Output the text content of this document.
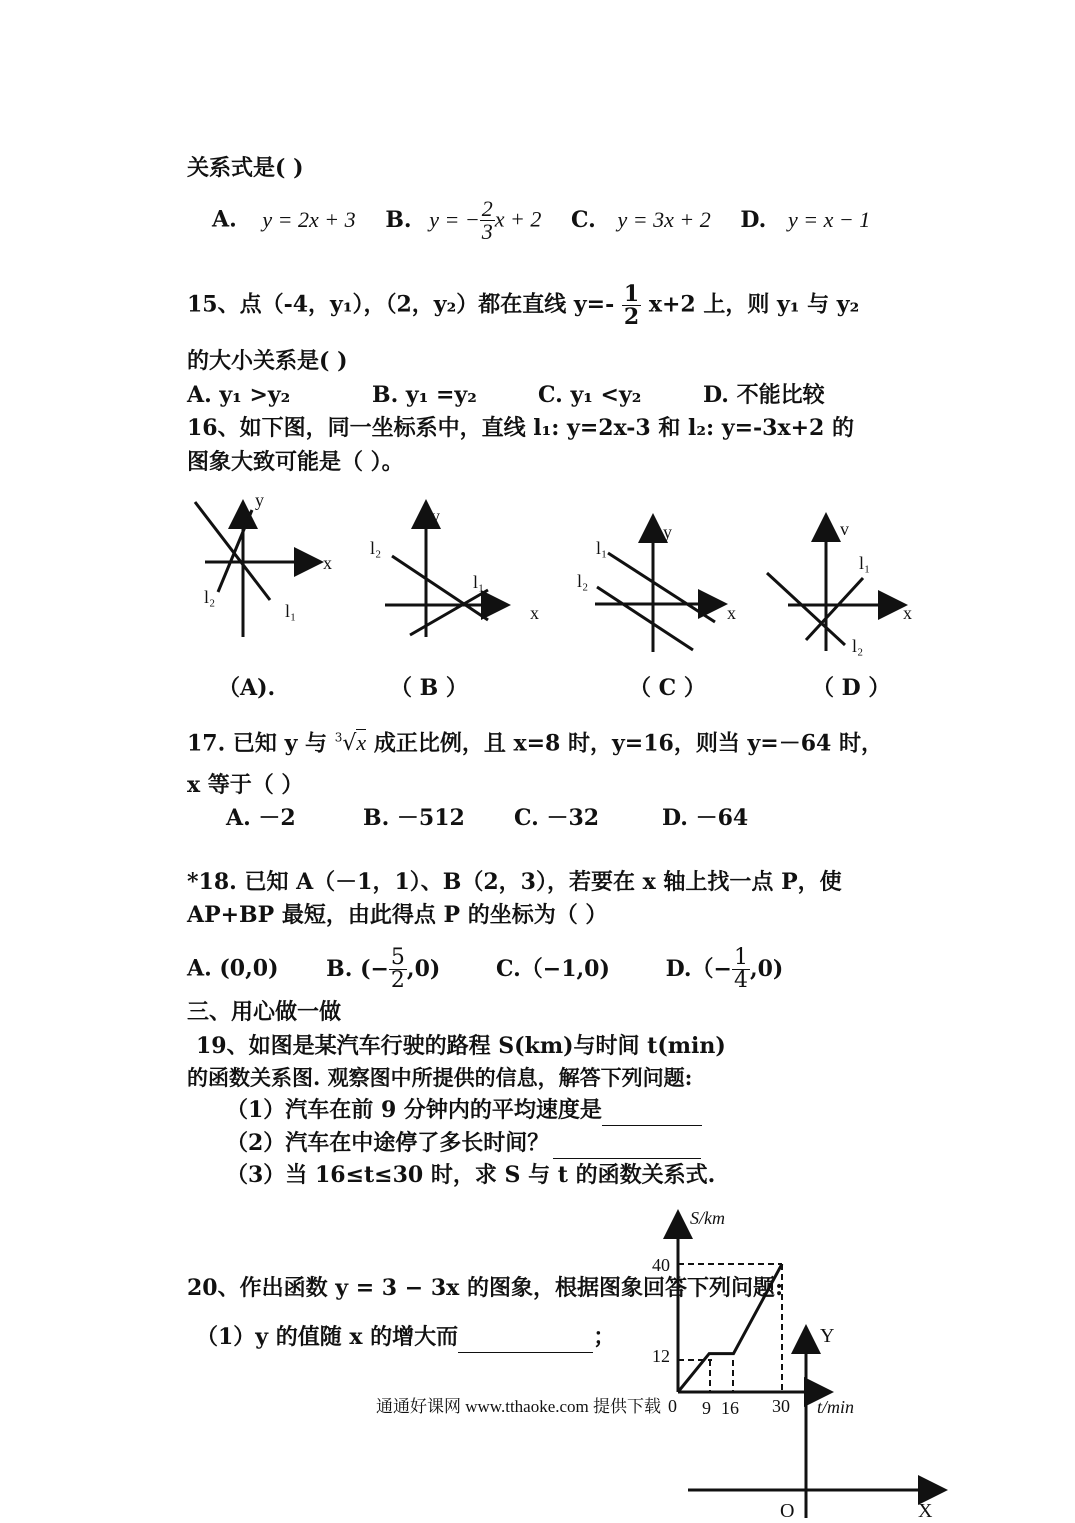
关系式是( )
A. y = 2x + 3 B. y = − $\frac{2}{3}$ x + 2 C. y = 3x + 2 D. y = x − 1
15、点（-4，y₁），（2，y₂）都在直线 $y=- \frac{1}{2} x+2$ 上，则 y₁ 与 y₂
的大小关系是( )
A. y₁ >y₂	B. y₁ =y₂	C. y₁ <y₂	D. 不能比较
16、如下图，同一坐标系中，直线 l₁: y=2x-3 和 l₂: y=-3x+2 的
图象大致可能是（ ）。
y
x
l₂
l₁
y
l₂
l₁
x
l₁
y
l₂
x
v
l₁
x
l₂
（A).	（ B ）	（ C ）	（ D ）
17. 已知 y 与 $^3$√x 成正比例，且 x=8 时，y=16，则当 y=－64 时，
x 等于（ ）
A. －2	B. －512 C. －32	D. －64
*18. 已知 A（－1，1）、B（2，3），若要在 x 轴上找一点 P，使
AP+BP 最短，由此得点 P 的坐标为（ ）
A. (0,0) B. (− $\frac{5}{2} ,0$)	C.（−1,0)	$D.(- \frac{1}{4} ,0)$
三、用心做一做
19、如图是某汽车行驶的路程 S(km)与时间 t(min)
的函数关系图. 观察图中所提供的信息，解答下列问题:
（1）汽车在前 9 分钟内的平均速度是
（2）汽车在中途停了多长时间？
（3）当 16≤t≤30 时，求 S 与 t 的函数关系式.
S/km
40
12
0 9 16 30 t/min
20、作出函数 y = 3 − 3x 的图象，根据图象回答下列问题:
（1）y 的值随 x 的增大而	；	Y
O	X
通通好课网 www.tthaoke.com 提供下载
